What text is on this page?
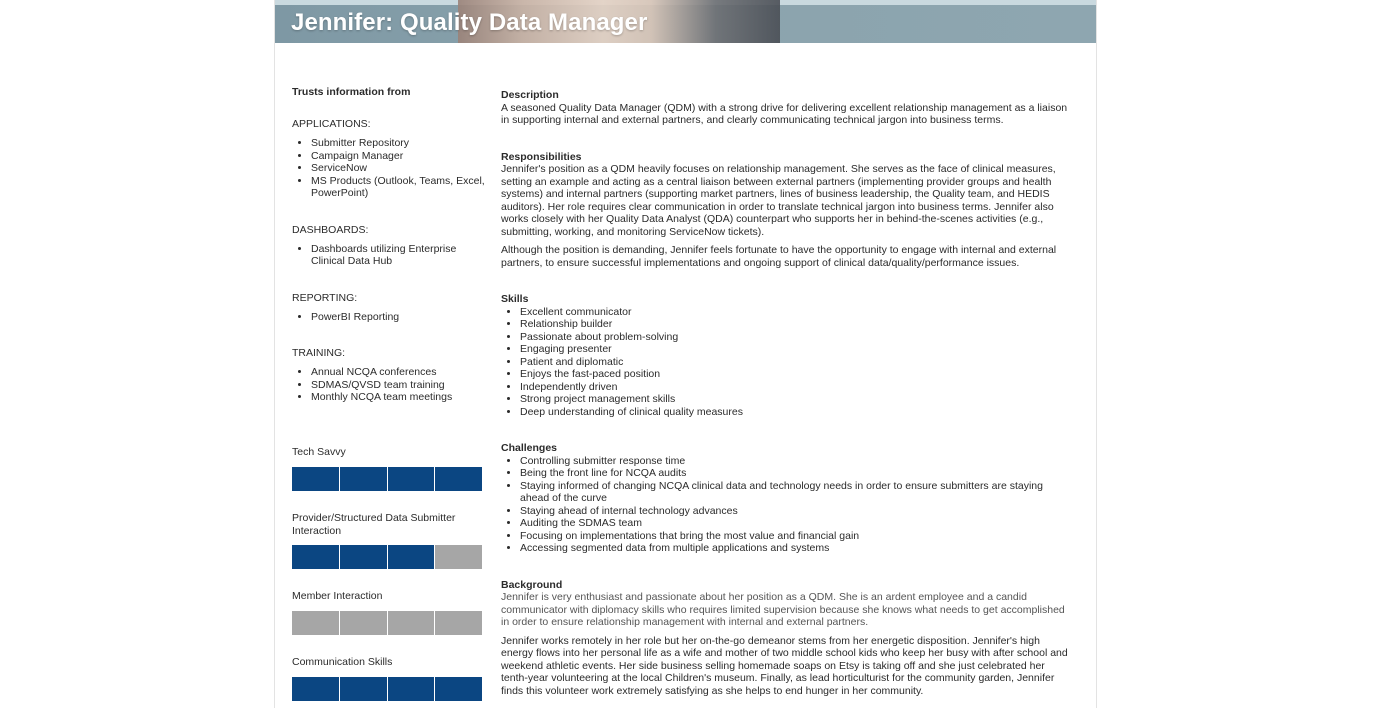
Jennifer: Quality Data Manager
Trusts information from
APPLICATIONS:
• Submitter Repository
• Campaign Manager
• ServiceNow
• MS Products (Outlook, Teams, Excel, PowerPoint)
DASHBOARDS:
• Dashboards utilizing Enterprise Clinical Data Hub
REPORTING:
• PowerBI Reporting
TRAINING:
• Annual NCQA conferences
• SDMAS/QVSD team training
• Monthly NCQA team meetings
Tech Savvy
Provider/Structured Data Submitter Interaction
Member Interaction
Communication Skills
Description

A seasoned Quality Data Manager (QDM) with a strong drive for delivering excellent relationship management as a liaison in supporting internal and external partners, and clearly communicating technical jargon into business terms.

Responsibilities

Jennifer's position as a QDM heavily focuses on relationship management. She serves as the face of clinical measures, setting an example and acting as a central liaison between external partners (implementing provider groups and health systems) and internal partners (supporting market partners, lines of business leadership, the Quality team, and HEDIS auditors). Her role requires clear communication in order to translate technical jargon into business terms. Jennifer also works closely with her Quality Data Analyst (QDA) counterpart who supports her in behind-the-scenes activities (e.g., submitting, working, and monitoring ServiceNow tickets).

Although the position is demanding, Jennifer feels fortunate to have the opportunity to engage with internal and external partners, to ensure successful implementations and ongoing support of clinical data/quality/performance issues.

Skills
• Excellent communicator
• Relationship builder
• Passionate about problem-solving
• Engaging presenter
• Patient and diplomatic
• Enjoys the fast-paced position
• Independently driven
• Strong project management skills
• Deep understanding of clinical quality measures
Challenges
• Controlling submitter response time
• Being the front line for NCQA audits
• Staying informed of changing NCQA clinical data and technology needs in order to ensure submitters are staying ahead of the curve
• Staying ahead of internal technology advances
• Auditing the SDMAS team
• Focusing on implementations that bring the most value and financial gain
• Accessing segmented data from multiple applications and systems
Background

Jennifer is very enthusiast and passionate about her position as a QDM. She is an ardent employee and a candid communicator with diplomacy skills who requires limited supervision because she knows what needs to get accomplished in order to ensure relationship management with internal and external partners.

Jennifer works remotely in her role but her on-the-go demeanor stems from her energetic disposition. Jennifer's high energy flows into her personal life as a wife and mother of two middle school kids who keep her busy with after school and weekend athletic events. Her side business selling homemade soaps on Etsy is taking off and she just celebrated her tenth-year volunteering at the local Children's museum. Finally, as lead horticulturist for the community garden, Jennifer finds this volunteer work extremely satisfying as she helps to end hunger in her community.
